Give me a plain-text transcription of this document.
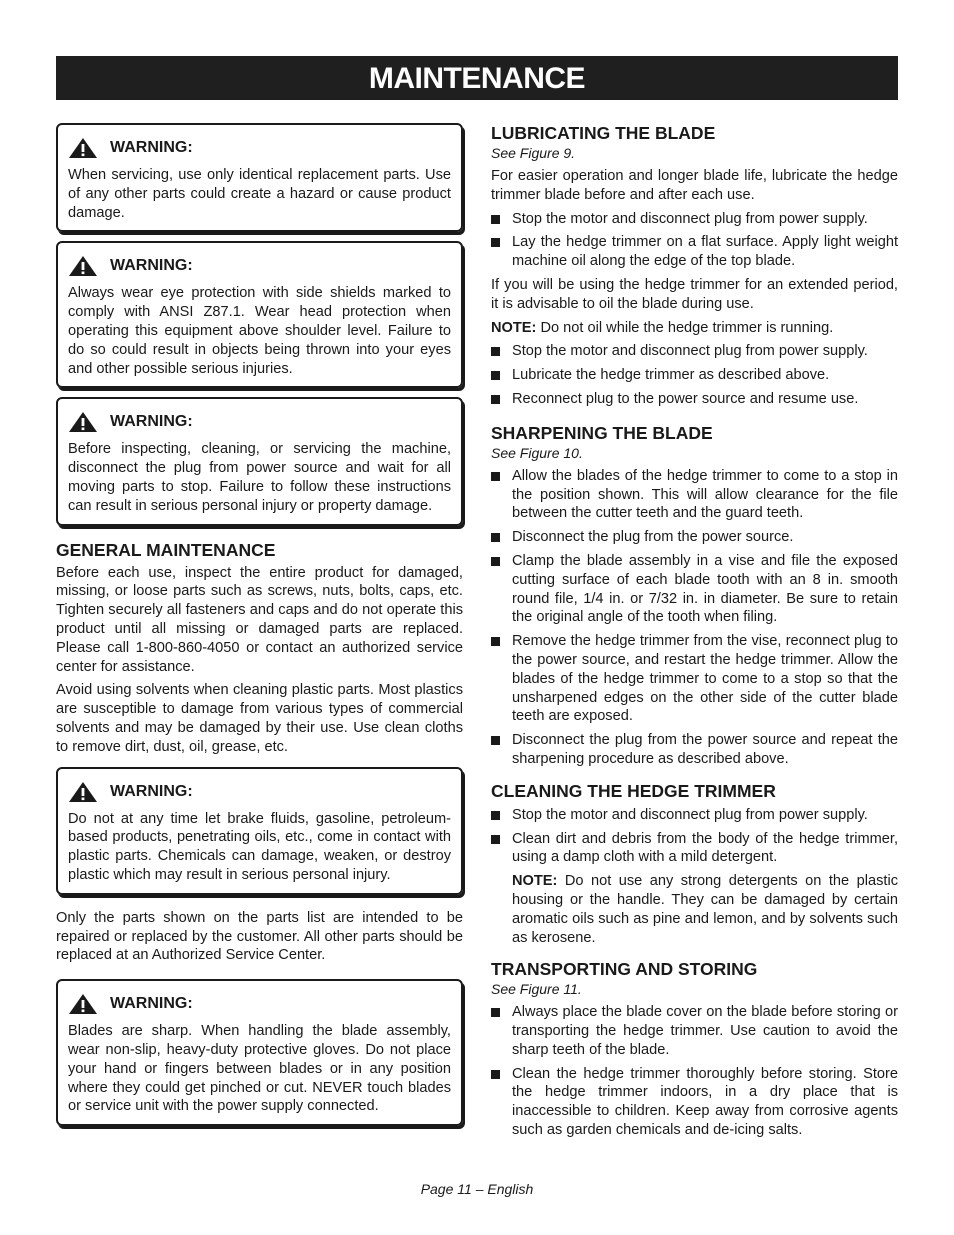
MAINTENANCE
WARNING:

When servicing, use only identical replacement parts. Use of any other parts could create a hazard or cause product damage.

WARNING:

Always wear eye protection with side shields marked to comply with ANSI Z87.1. Wear head protection when operating this equipment above shoulder level. Failure to do so could result in objects being thrown into your eyes and other possible serious injuries.

WARNING:

Before inspecting, cleaning, or servicing the machine, disconnect the plug from power source and wait for all moving parts to stop. Failure to follow these instructions can result in serious personal injury or property damage.

GENERAL MAINTENANCE

Before each use, inspect the entire product for damaged, missing, or loose parts such as screws, nuts, bolts, caps, etc. Tighten securely all fasteners and caps and do not operate this product until all missing or damaged parts are replaced. Please call 1-800-860-4050 or contact an authorized service center for assistance.

Avoid using solvents when cleaning plastic parts. Most plastics are susceptible to damage from various types of commercial solvents and may be damaged by their use. Use clean cloths to remove dirt, dust, oil, grease, etc.

WARNING:

Do not at any time let brake fluids, gasoline, petroleum-based products, penetrating oils, etc., come in contact with plastic parts. Chemicals can damage, weaken, or destroy plastic which may result in serious personal injury.

Only the parts shown on the parts list are intended to be repaired or replaced by the customer. All other parts should be replaced at an Authorized Service Center.

WARNING:

Blades are sharp. When handling the blade assembly, wear non-slip, heavy-duty protective gloves. Do not place your hand or fingers between blades or in any position where they could get pinched or cut. NEVER touch blades or service unit with the power supply connected.

LUBRICATING THE BLADE
See Figure 9.

For easier operation and longer blade life, lubricate the hedge trimmer blade before and after each use.

Stop the motor and disconnect plug from power supply.
Lay the hedge trimmer on a flat surface. Apply light weight machine oil along the edge of the top blade.

If you will be using the hedge trimmer for an extended period, it is advisable to oil the blade during use.

NOTE: Do not oil while the hedge trimmer is running.

Stop the motor and disconnect plug from power supply.
Lubricate the hedge trimmer as described above.
Reconnect plug to the power source and resume use.
SHARPENING THE BLADE
See Figure 10.
Allow the blades of the hedge trimmer to come to a stop in the position shown. This will allow clearance for the file between the cutter teeth and the guard teeth.
Disconnect the plug from the power source.
Clamp the blade assembly in a vise and file the exposed cutting surface of each blade tooth with an 8 in. smooth round file, 1/4 in. or 7/32 in. in diameter. Be sure to retain the original angle of the tooth when filing.
Remove the hedge trimmer from the vise, reconnect plug to the power source, and restart the hedge trimmer. Allow the blades of the hedge trimmer to come to a stop so that the unsharpened edges on the other side of the cutter blade teeth are exposed.
Disconnect the plug from the power source and repeat the sharpening procedure as described above.
CLEANING THE HEDGE TRIMMER
Stop the motor and disconnect plug from power supply.
Clean dirt and debris from the body of the hedge trimmer, using a damp cloth with a mild detergent.

NOTE: Do not use any strong detergents on the plastic housing or the handle. They can be damaged by certain aromatic oils such as pine and lemon, and by solvents such as kerosene.

TRANSPORTING AND STORING
See Figure 11.
Always place the blade cover on the blade before storing or transporting the hedge trimmer. Use caution to avoid the sharp teeth of the blade.
Clean the hedge trimmer thoroughly before storing. Store the hedge trimmer indoors, in a dry place that is inaccessible to children. Keep away from corrosive agents such as garden chemicals and de-icing salts.
Page 11 – English
